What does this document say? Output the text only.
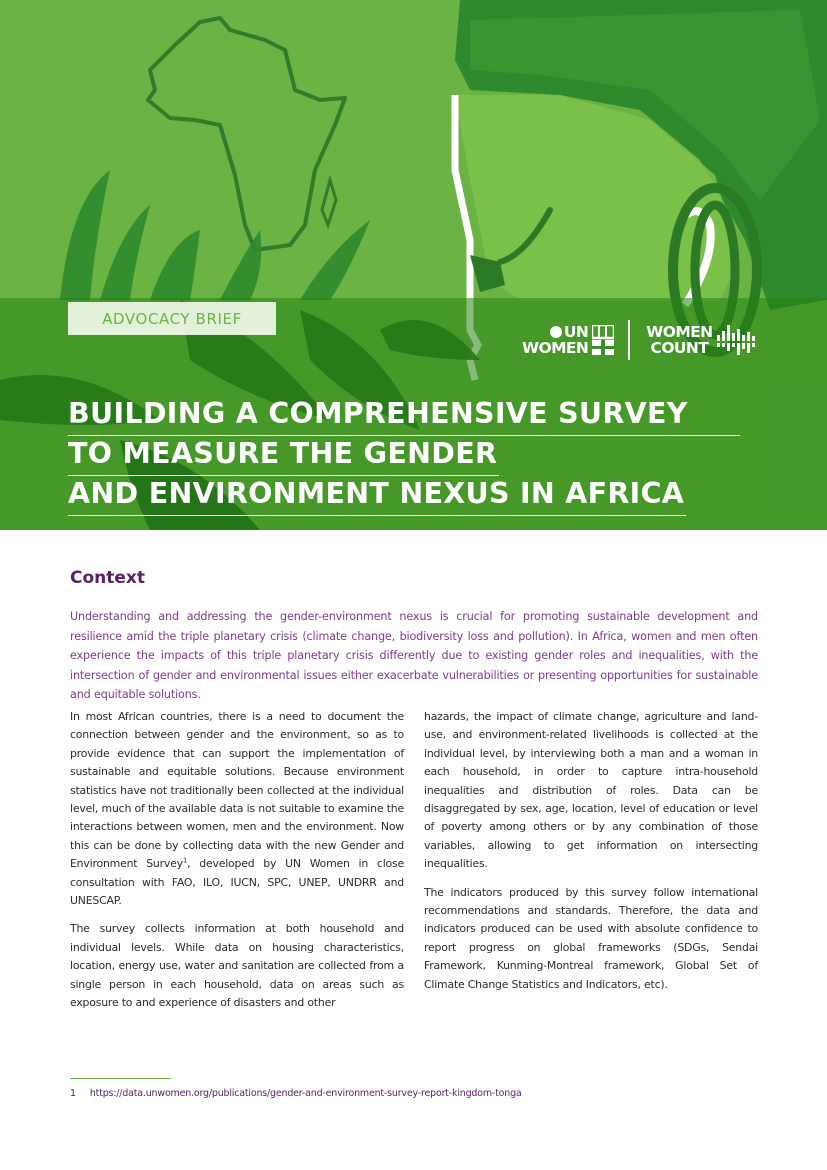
ADVOCACY BRIEF
UN
WOMEN
WOMEN
COUNT
BUILDING A COMPREHENSIVE SURVEY
TO MEASURE THE GENDER
AND ENVIRONMENT NEXUS IN AFRICA
Context

Understanding and addressing the gender-environment nexus is crucial for promoting sustainable development and resilience amid the triple planetary crisis (climate change, biodiversity loss and pollution). In Africa, women and men often experience the impacts of this triple planetary crisis differently due to existing gender roles and inequalities, with the intersection of gender and environmental issues either exacerbate vulnerabilities or presenting opportunities for sustainable and equitable solutions.

In most African countries, there is a need to document the connection between gender and the environment, so as to provide evidence that can support the implementation of sustainable and equitable solutions. Because environment statistics have not traditionally been collected at the individual level, much of the available data is not suitable to examine the interactions between women, men and the environment. Now this can be done by collecting data with the new Gender and Environment Survey$^1$, developed by UN Women in close consultation with FAO, ILO, IUCN, SPC, UNEP, UNDRR and UNESCAP.

The survey collects information at both household and individual levels. While data on housing characteristics, location, energy use, water and sanitation are collected from a single person in each household, data on areas such as exposure to and experience of disasters and other

hazards, the impact of climate change, agriculture and land-use, and environment-related livelihoods is collected at the individual level, by interviewing both a man and a woman in each household, in order to capture intra-household inequalities and distribution of roles. Data can be disaggregated by sex, age, location, level of education or level of poverty among others or by any combination of those variables, allowing to get information on intersecting inequalities.

The indicators produced by this survey follow international recommendations and standards. Therefore, the data and indicators produced can be used with absolute confidence to report progress on global frameworks (SDGs, Sendai Framework, Kunming-Montreal framework, Global Set of Climate Change Statistics and Indicators, etc).

1 https://data.unwomen.org/publications/gender-and-environment-survey-report-kingdom-tonga
